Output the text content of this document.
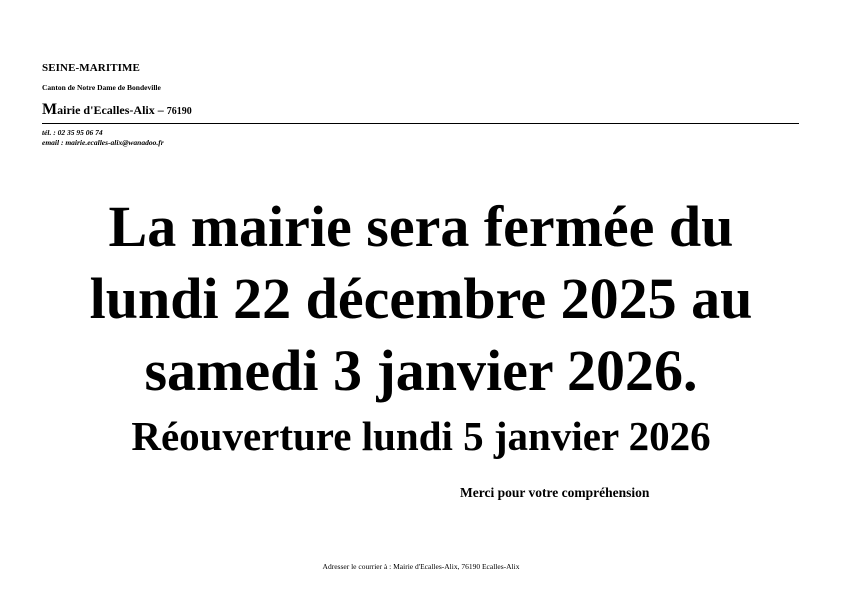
SEINE-MARITIME
Canton de Notre Dame de Bondeville
Mairie d'Ecalles-Alix – 76190
tél. : 02 35 95 06 74
email : mairie.ecalles-alix@wanadoo.fr
La mairie sera fermée du
lundi 22 décembre 2025 au
samedi 3 janvier 2026.
Réouverture lundi 5 janvier 2026
Merci pour votre compréhension
Adresser le courrier à : Mairie d'Ecalles-Alix, 76190 Ecalles-Alix
